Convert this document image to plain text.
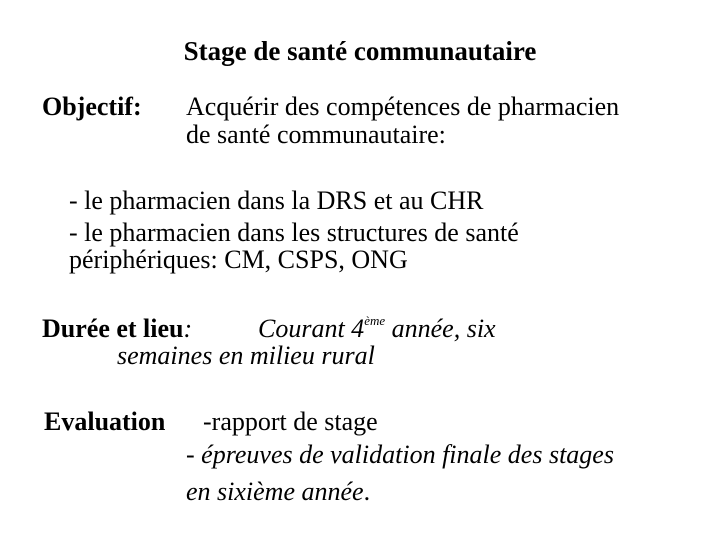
Stage de santé communautaire
Objectif: Acquérir des compétences de pharmacien
de santé communautaire:
- le pharmacien dans la DRS et au CHR
- le pharmacien dans les structures de santé
périphériques: CM, CSPS, ONG
Durée et lieu:	Courant 4ème année, six
semaines en milieu rural
Evaluation -rapport de stage
- épreuves de validation finale des stages
en sixième année.
